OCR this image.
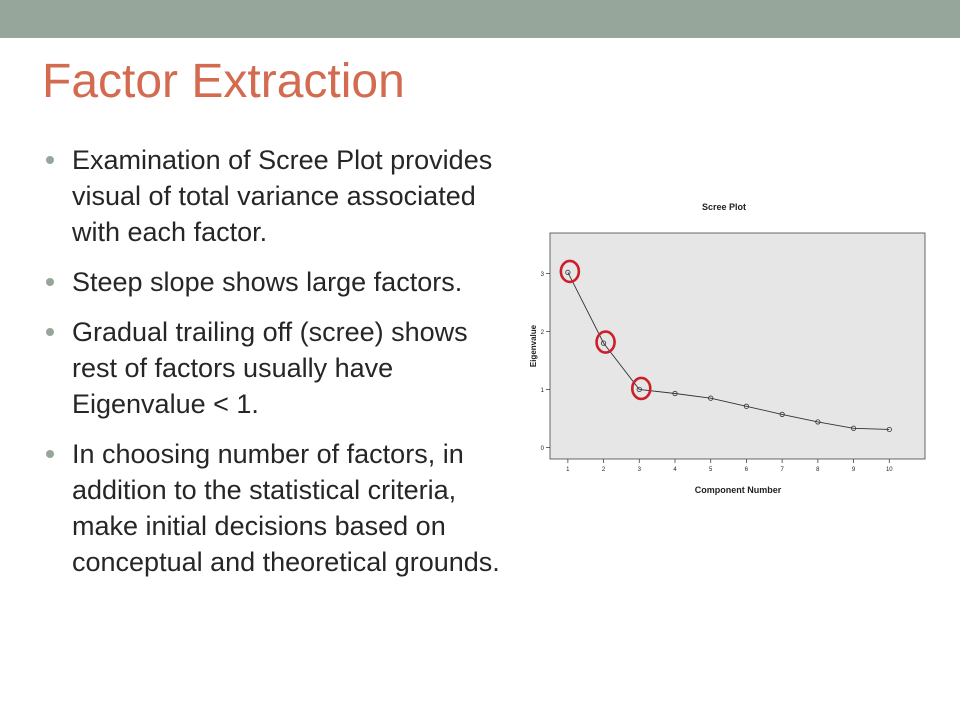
Factor Extraction
Examination of Scree Plot provides visual of total variance associated with each factor.
Steep slope shows large factors.
Gradual trailing off (scree) shows rest of factors usually have Eigenvalue < 1.
In choosing number of factors, in addition to the statistical criteria, make initial decisions based on conceptual and theoretical grounds.
Scree Plot
0
1
2
3
1	2	3	4	5	6	7	8	9	10
Component Number
Eigenvalue
